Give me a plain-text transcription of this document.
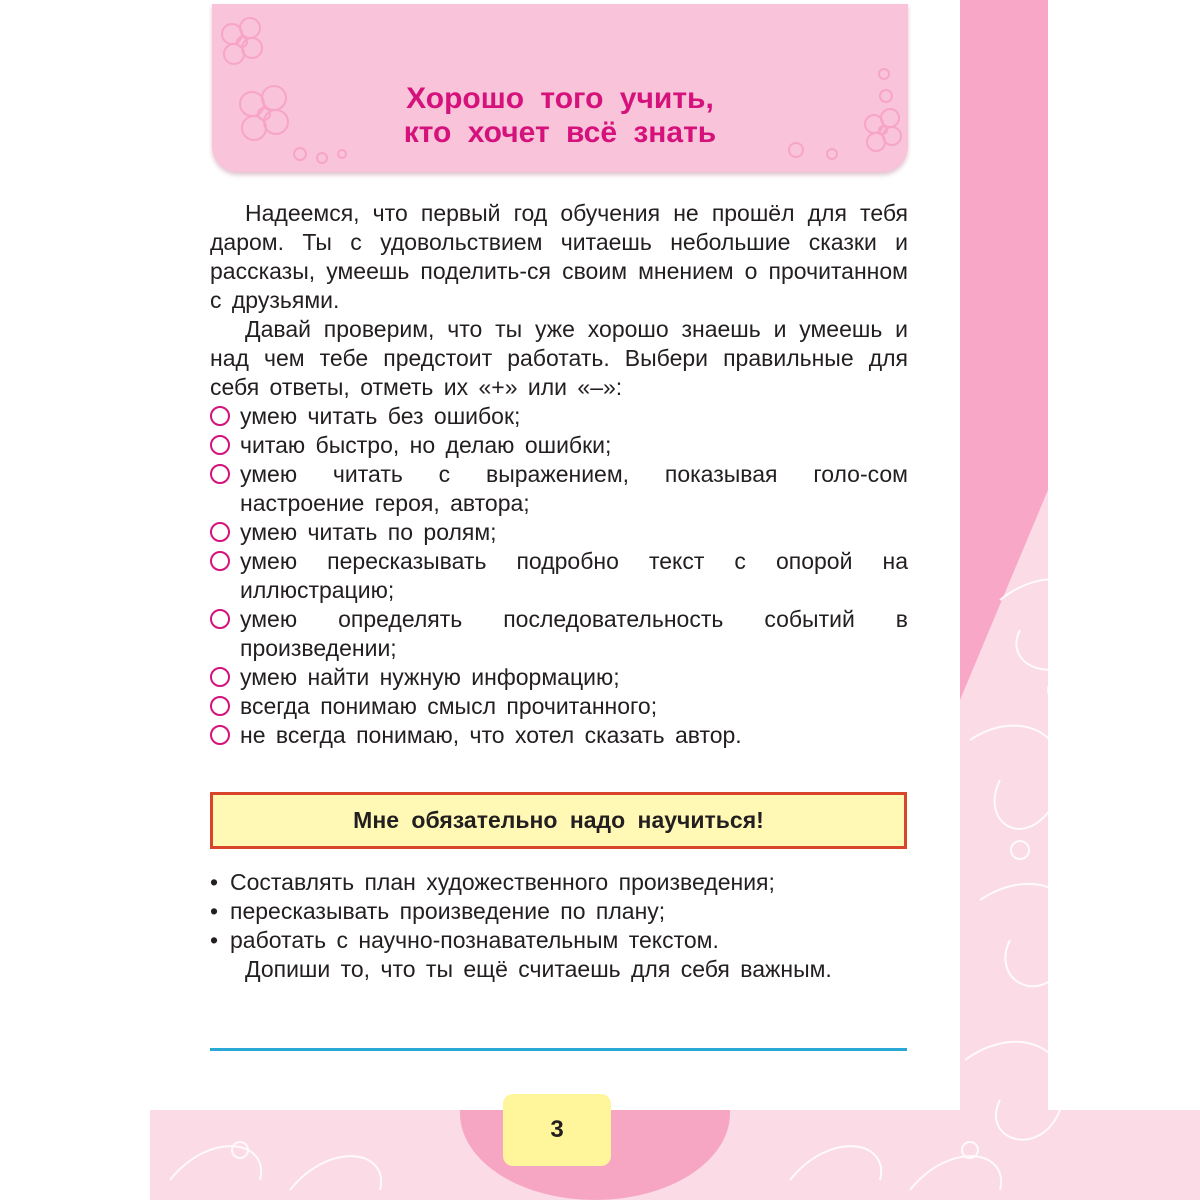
Хорошо того учить,
кто хочет всё знать

Надеемся, что первый год обучения не прошёл для тебя даром. Ты с удовольствием читаешь небольшие сказки и рассказы, умеешь поделить-ся своим мнением о прочитанном с друзьями.

Давай проверим, что ты уже хорошо знаешь и умеешь и над чем тебе предстоит работать. Выбери правильные для себя ответы, отметь их «+» или «–»:

умею читать без ошибок;
читаю быстро, но делаю ошибки;
умею читать с выражением, показывая голо-сом настроение героя, автора;
умею читать по ролям;
умею пересказывать подробно текст с опорой на иллюстрацию;
умею определять последовательность событий в произведении;
умею найти нужную информацию;
всегда понимаю смысл прочитанного;
не всегда понимаю, что хотел сказать автор.
Мне обязательно надо научиться!
• Составлять план художественного произведения;
• пересказывать произведение по плану;
• работать с научно-познавательным текстом.

Допиши то, что ты ещё считаешь для себя важным.

3
